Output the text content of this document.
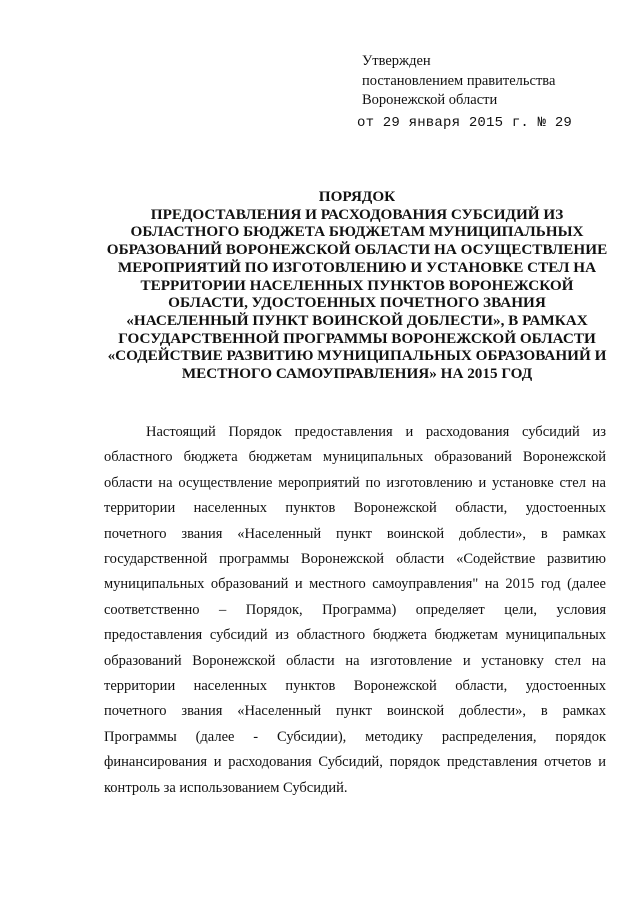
Утвержден
постановлением правительства
Воронежской области
от 29 января 2015 г. № 29
ПОРЯДОК
ПРЕДОСТАВЛЕНИЯ И РАСХОДОВАНИЯ СУБСИДИЙ ИЗ
ОБЛАСТНОГО БЮДЖЕТА БЮДЖЕТАМ МУНИЦИПАЛЬНЫХ
ОБРАЗОВАНИЙ ВОРОНЕЖСКОЙ ОБЛАСТИ НА ОСУЩЕСТВЛЕНИЕ
МЕРОПРИЯТИЙ ПО ИЗГОТОВЛЕНИЮ И УСТАНОВКЕ СТЕЛ НА
ТЕРРИТОРИИ НАСЕЛЕННЫХ ПУНКТОВ ВОРОНЕЖСКОЙ
ОБЛАСТИ, УДОСТОЕННЫХ ПОЧЕТНОГО ЗВАНИЯ
«НАСЕЛЕННЫЙ ПУНКТ ВОИНСКОЙ ДОБЛЕСТИ», В РАМКАХ
ГОСУДАРСТВЕННОЙ ПРОГРАММЫ ВОРОНЕЖСКОЙ ОБЛАСТИ
«СОДЕЙСТВИЕ РАЗВИТИЮ МУНИЦИПАЛЬНЫХ ОБРАЗОВАНИЙ И
МЕСТНОГО САМОУПРАВЛЕНИЯ» НА 2015 ГОД
Настоящий Порядок предоставления и расходования субсидий из
областного бюджета бюджетам муниципальных образований Воронежской
области на осуществление мероприятий по изготовлению и установке стел на
территории населенных пунктов Воронежской области, удостоенных
почетного звания «Населенный пункт воинской доблести», в рамках
государственной программы Воронежской области «Содействие развитию
муниципальных образований и местного самоуправления" на 2015 год (далее
соответственно – Порядок, Программа) определяет цели, условия
предоставления субсидий из областного бюджета бюджетам муниципальных
образований Воронежской области на изготовление и установку стел на
территории населенных пунктов Воронежской области, удостоенных
почетного звания «Населенный пункт воинской доблести», в рамках
Программы (далее - Субсидии), методику распределения, порядок
финансирования и расходования Субсидий, порядок представления отчетов и
контроль за использованием Субсидий.
